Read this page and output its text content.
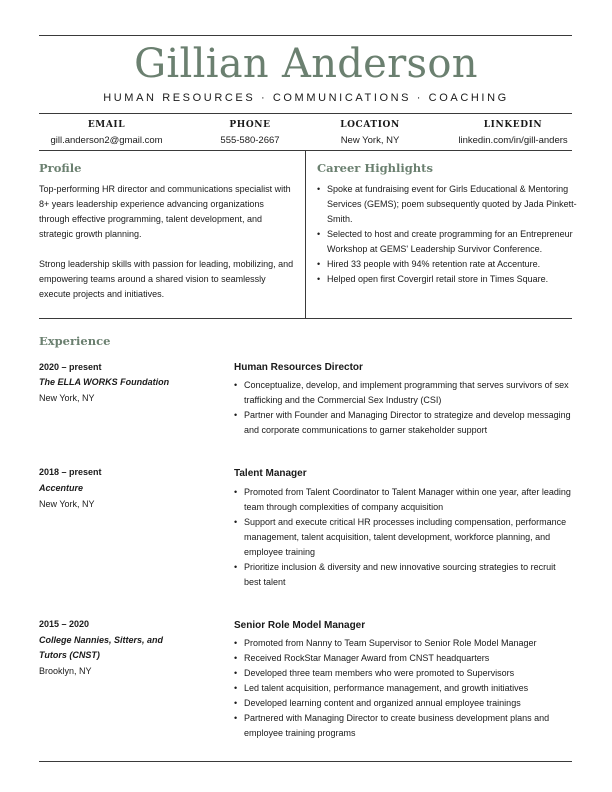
Gillian Anderson
HUMAN RESOURCES · COMMUNICATIONS · COACHING
EMAIL
gill.anderson2@gmail.com
PHONE
555-580-2667
LOCATION
New York, NY
LINKEDIN
linkedin.com/in/gill-anders
Profile

Top-performing HR director and communications specialist with 8+ years leadership experience advancing organizations through effective programming, talent development, and strategic growth planning.

Strong leadership skills with passion for leading, mobilizing, and empowering teams around a shared vision to seamlessly execute projects and initiatives.

Career Highlights
• Spoke at fundraising event for Girls Educational & Mentoring Services (GEMS); poem subsequently quoted by Jada Pinkett-Smith.
• Selected to host and create programming for an Entrepreneur Workshop at GEMS' Leadership Survivor Conference.
• Hired 33 people with 94% retention rate at Accenture.
• Helped open first Covergirl retail store in Times Square.
Experience
2020 – present
The ELLA WORKS Foundation
New York, NY
Human Resources Director
• Conceptualize, develop, and implement programming that serves survivors of sex trafficking and the Commercial Sex Industry (CSI)
• Partner with Founder and Managing Director to strategize and develop messaging and corporate communications to garner stakeholder support
2018 – present
Accenture
New York, NY
Talent Manager
• Promoted from Talent Coordinator to Talent Manager within one year, after leading team through complexities of company acquisition
• Support and execute critical HR processes including compensation, performance management, talent acquisition, talent development, workforce planning, and employee training
• Prioritize inclusion & diversity and new innovative sourcing strategies to recruit best talent
2015 – 2020
College Nannies, Sitters, and Tutors (CNST)
Brooklyn, NY
Senior Role Model Manager
• Promoted from Nanny to Team Supervisor to Senior Role Model Manager
• Received RockStar Manager Award from CNST headquarters
• Developed three team members who were promoted to Supervisors
• Led talent acquisition, performance management, and growth initiatives
• Developed learning content and organized annual employee trainings
• Partnered with Managing Director to create business development plans and employee training programs
